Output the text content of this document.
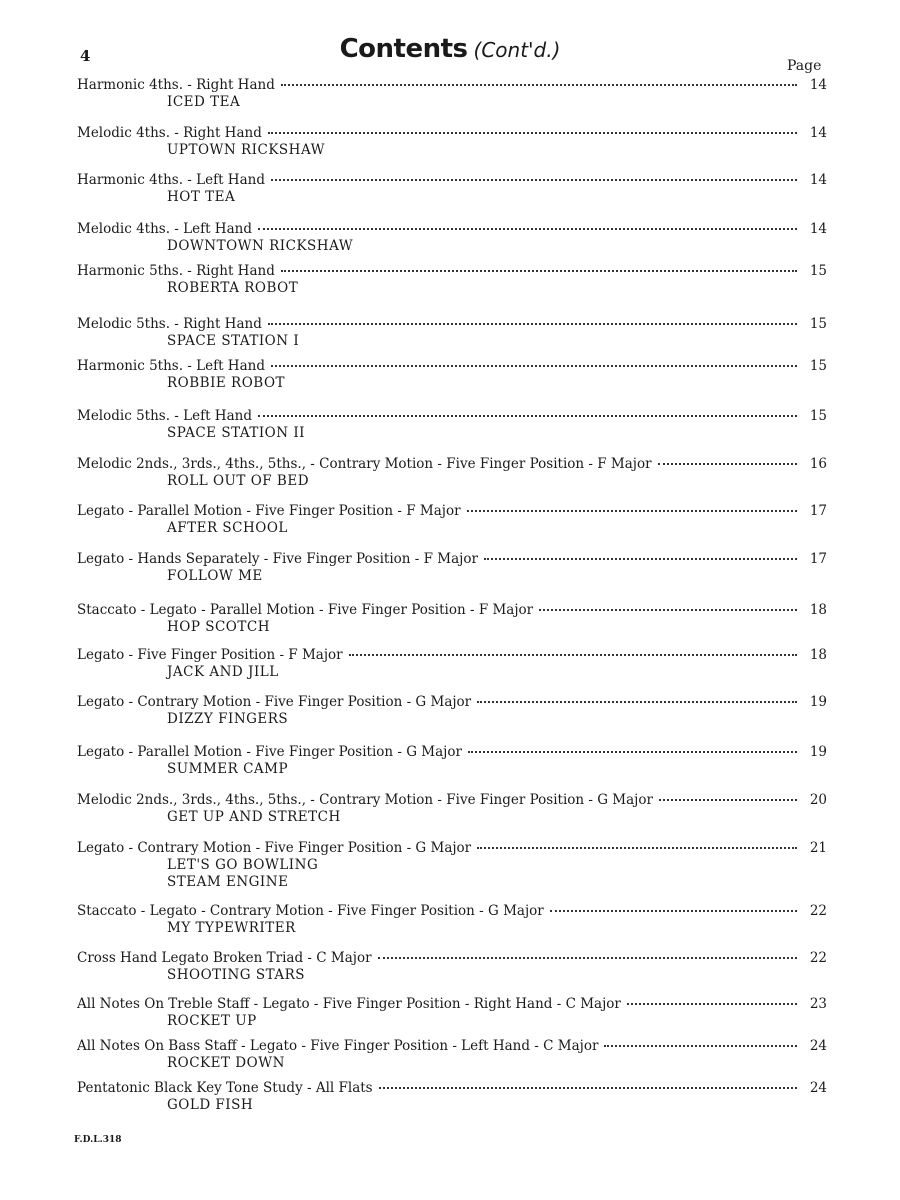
4	Contents (Cont'd.)
Page
Harmonic 4ths. - Right Hand	14
ICED TEA
Melodic 4ths. - Right Hand	14
UPTOWN RICKSHAW
Harmonic 4ths. - Left Hand	14
HOT TEA
Melodic 4ths. - Left Hand	14
DOWNTOWN RICKSHAW
Harmonic 5ths. - Right Hand	15
ROBERTA ROBOT
Melodic 5ths. - Right Hand	15
SPACE STATION I
Harmonic 5ths. - Left Hand	15
ROBBIE ROBOT
Melodic 5ths. - Left Hand	15
SPACE STATION II
Melodic 2nds., 3rds., 4ths., 5ths., - Contrary Motion - Five Finger Position - F Major	16
ROLL OUT OF BED
Legato - Parallel Motion - Five Finger Position - F Major	17
AFTER SCHOOL
Legato - Hands Separately - Five Finger Position - F Major	17
FOLLOW ME
Staccato - Legato - Parallel Motion - Five Finger Position - F Major	18
HOP SCOTCH
Legato - Five Finger Position - F Major	18
JACK AND JILL
Legato - Contrary Motion - Five Finger Position - G Major	19
DIZZY FINGERS
Legato - Parallel Motion - Five Finger Position - G Major	19
SUMMER CAMP
Melodic 2nds., 3rds., 4ths., 5ths., - Contrary Motion - Five Finger Position - G Major	20
GET UP AND STRETCH
Legato - Contrary Motion - Five Finger Position - G Major	21
LET'S GO BOWLING
STEAM ENGINE
Staccato - Legato - Contrary Motion - Five Finger Position - G Major	22
MY TYPEWRITER
Cross Hand Legato Broken Triad - C Major	22
SHOOTING STARS
All Notes On Treble Staff - Legato - Five Finger Position - Right Hand - C Major	23
ROCKET UP
All Notes On Bass Staff - Legato - Five Finger Position - Left Hand - C Major	24
ROCKET DOWN
Pentatonic Black Key Tone Study - All Flats	24
GOLD FISH
F.D.L.318
